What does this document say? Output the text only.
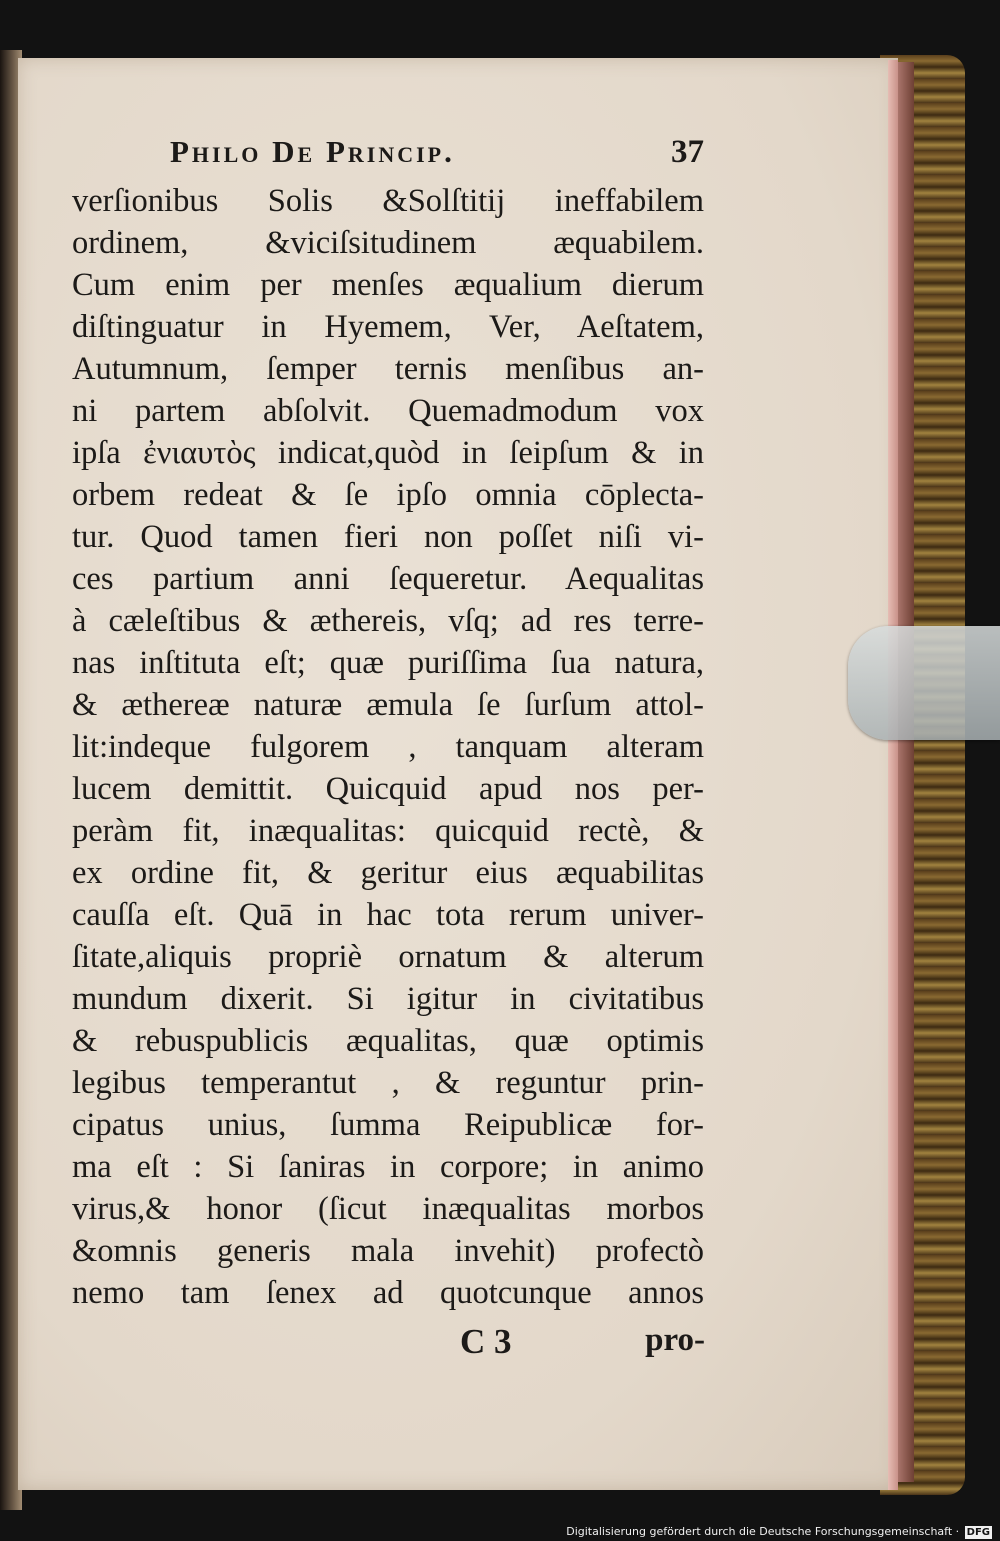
Philo De Princip.	37
verſionibus Solis &Solſtitij ineffabilem
ordinem, &viciſsitudinem æquabilem.
Cum enim per menſes æqualium dierum
diſtinguatur in Hyemem, Ver, Aeſtatem,
Autumnum, ſemper ternis menſibus an-
ni partem abſolvit. Quemadmodum vox
ipſa ἐνιαυτὸς indicat,quòd in ſeipſum & in
orbem redeat & ſe ipſo omnia cōplecta-
tur. Quod tamen fieri non poſſet niſi vi-
ces partium anni ſequeretur. Aequalitas
à cæleſtibus & æthereis, vſq; ad res terre-
nas inſtituta eſt; quæ puriſſima ſua natura,
& æthereæ naturæ æmula ſe ſurſum attol-
lit:indeque fulgorem , tanquam alteram
lucem demittit. Quicquid apud nos per-
peràm fit, inæqualitas: quicquid rectè, &
ex ordine fit, & geritur eius æquabilitas
cauſſa eſt. Quā in hac tota rerum univer-
ſitate,aliquis propriè ornatum & alterum
mundum dixerit. Si igitur in civitatibus
& rebuspublicis æqualitas, quæ optimis
legibus temperantut , & reguntur prin-
cipatus unius, ſumma Reipublicæ for-
ma eſt : Si ſaniras in corpore; in animo
virus,& honor (ſicut inæqualitas morbos
&omnis generis mala invehit) profectò
nemo tam ſenex ad quotcunque annos
C 3	pro-
Digitalisierung gefördert durch die Deutsche Forschungsgemeinschaft · DFG
